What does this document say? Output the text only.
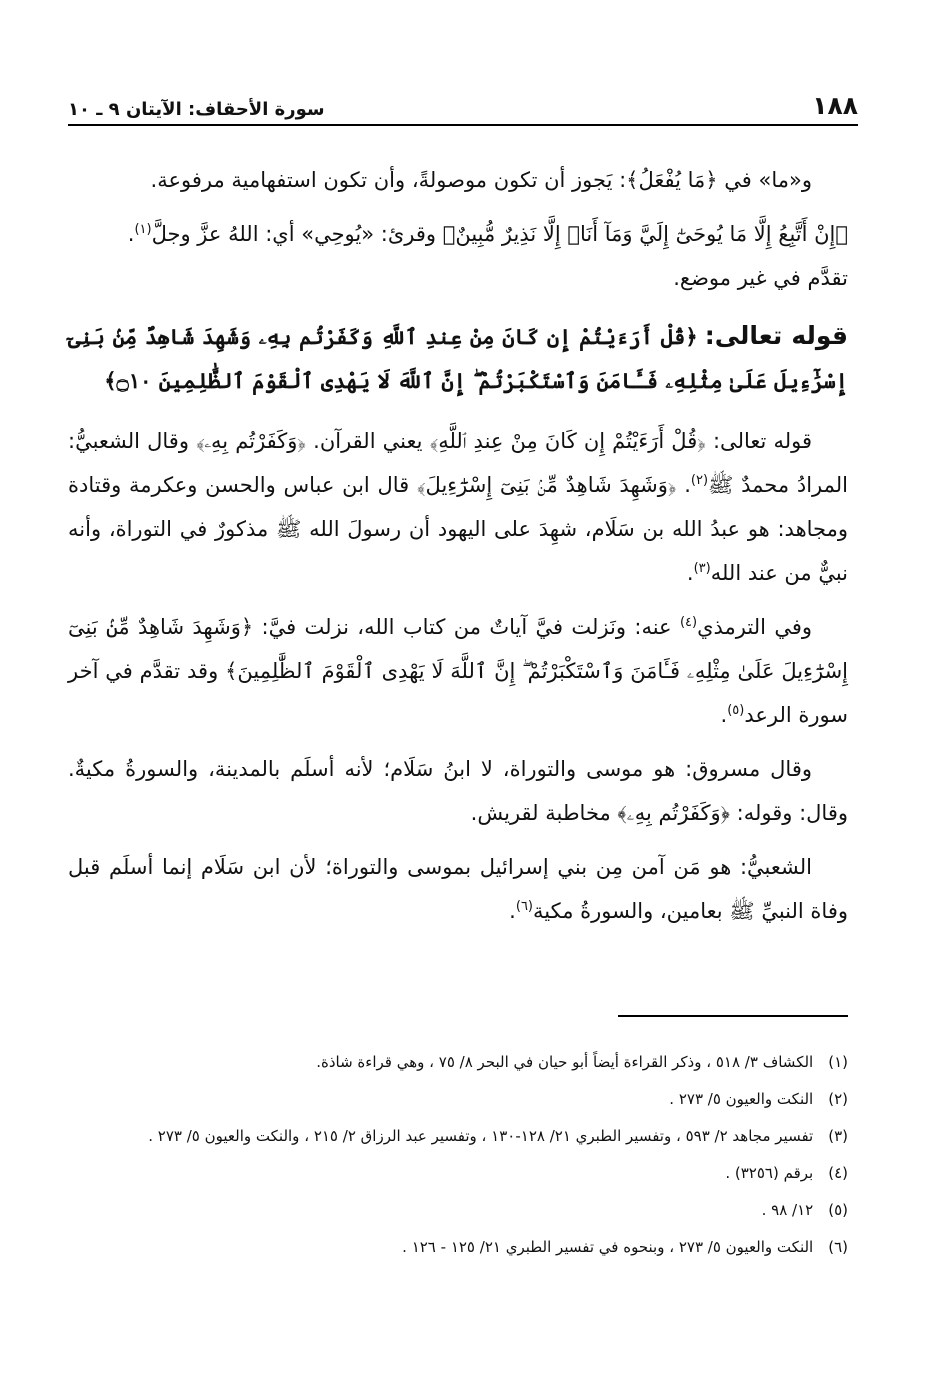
١٨٨
سورة الأحقاف: الآيتان ٩ ـ ١٠

و«ما» في ﴿مَا يُفْعَلُ﴾: يَجوز أن تكون موصولةً، وأن تكون استفهامية مرفوعة.

﴿إِنْ أَتَّبِعُ إِلَّا مَا يُوحَىٰٓ إِلَيَّ وَمَآ أَنَا۠ إِلَّا نَذِيرٌ مُّبِينٌ﴾ وقرئ: «يُوحِي» أي: اللهُ عزَّ وجلَّ$^{(١)}$.
تقدَّم في غير موضع.

قوله تعالى: ﴿قُلْ أَرَءَيْتُمْ إِن كَانَ مِنْ عِندِ ٱللَّهِ وَكَفَرْتُم بِهِۦ وَشَهِدَ شَاهِدٌ مِّنۢ بَنِىٓ إِسْرَٰٓءِيلَ عَلَىٰ مِثْلِهِۦ فَـَٔامَنَ وَٱسْتَكْبَرْتُمْ ۖ إِنَّ ٱللَّهَ لَا يَهْدِى ٱلْقَوْمَ ٱلظَّٰلِمِينَ ۝١٠﴾

قوله تعالى: ﴿قُلْ أَرَءَيْتُمْ إِن كَانَ مِنْ عِندِ ٱللَّهِ﴾ يعني القرآن. ﴿وَكَفَرْتُم بِهِۦ﴾ وقال الشعبيُّ: المرادُ محمدٌ ﷺ$^{(٢)}$. ﴿وَشَهِدَ شَاهِدٌ مِّنۢ بَنِىٓ إِسْرَٰٓءِيلَ﴾ قال ابن عباس والحسن وعكرمة وقتادة ومجاهد: هو عبدُ الله بن سَلَام، شهِدَ على اليهود أن رسولَ الله ﷺ مذكورٌ في التوراة، وأنه نبيٌّ من عند الله$^{(٣)}$.

وفي الترمذي$^{(٤)}$ عنه: ونَزلت فيَّ آياتٌ من كتاب الله، نزلت فيَّ: ﴿وَشَهِدَ شَاهِدٌ مِّنۢ بَنِىٓ إِسْرَٰٓءِيلَ عَلَىٰ مِثْلِهِۦ فَـَٔامَنَ وَٱسْتَكْبَرْتُمْ ۖ إِنَّ ٱللَّهَ لَا يَهْدِى ٱلْقَوْمَ ٱلظَّٰلِمِينَ﴾ وقد تقدَّم في آخر سورة الرعد$^{(٥)}$.

وقال مسروق: هو موسى والتوراة، لا ابنُ سَلَام؛ لأنه أسلَم بالمدينة، والسورةُ مكيةٌ. وقال: وقوله: ﴿وَكَفَرْتُم بِهِۦ﴾ مخاطبة لقريش.

الشعبيُّ: هو مَن آمن مِن بني إسرائيل بموسى والتوراة؛ لأن ابن سَلَام إنما أسلَم قبل وفاة النبيِّ ﷺ بعامين، والسورةُ مكية$^{(٦)}$.

(١) الكشاف ٣/ ٥١٨ ، وذكر القراءة أيضاً أبو حيان في البحر ٨/ ٧٥ ، وهي قراءة شاذة.

(٢) النكت والعيون ٥/ ٢٧٣ .

(٣) تفسير مجاهد ٢/ ٥٩٣ ، وتفسير الطبري ٢١/ ١٢٨-١٣٠ ، وتفسير عبد الرزاق ٢/ ٢١٥ ، والنكت والعيون ٥/ ٢٧٣ .

(٤) برقم (٣٢٥٦) .

(٥) ١٢/ ٩٨ .

(٦) النكت والعيون ٥/ ٢٧٣ ، وبنحوه في تفسير الطبري ٢١/ ١٢٥ - ١٢٦ .
